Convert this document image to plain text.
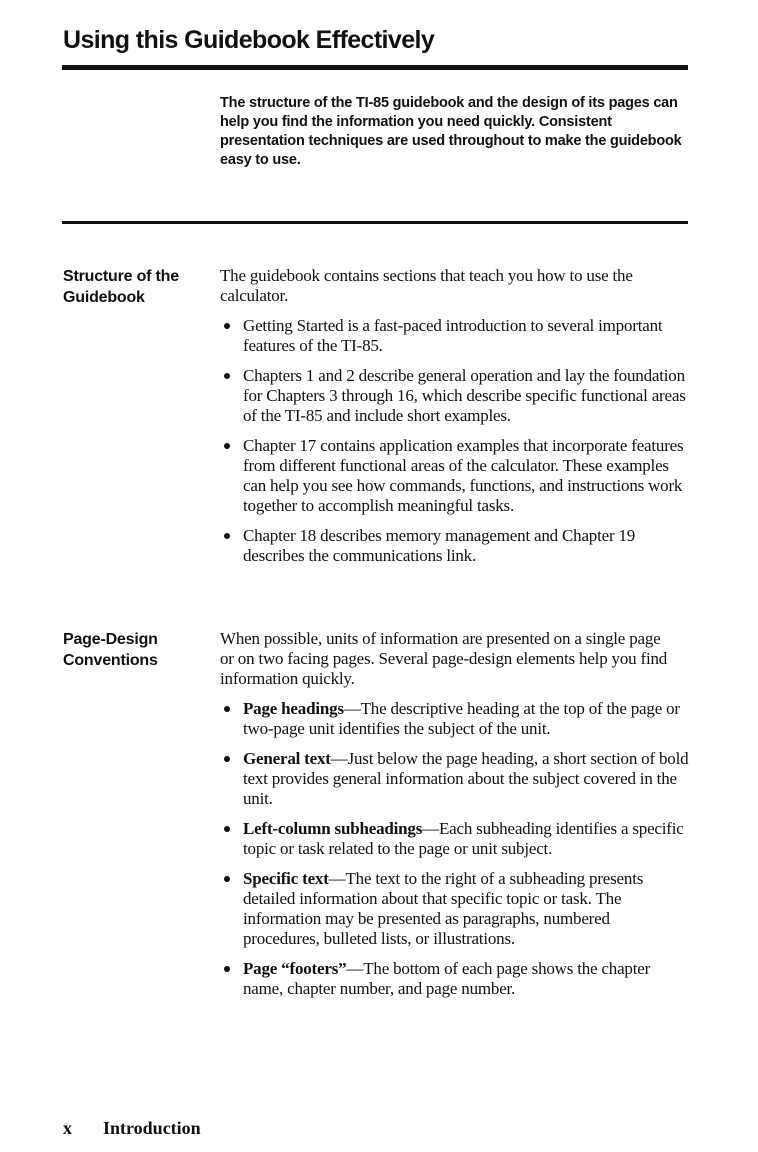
Using this Guidebook Effectively

The structure of the TI-85 guidebook and the design of its pages can help you find the information you need quickly. Consistent presentation techniques are used throughout to make the guidebook easy to use.

Structure of the Guidebook

The guidebook contains sections that teach you how to use the calculator.

Getting Started is a fast-paced introduction to several important features of the TI-85.
Chapters 1 and 2 describe general operation and lay the foundation for Chapters 3 through 16, which describe specific functional areas of the TI-85 and include short examples.
Chapter 17 contains application examples that incorporate features from different functional areas of the calculator. These examples can help you see how commands, functions, and instructions work together to accomplish meaningful tasks.
Chapter 18 describes memory management and Chapter 19 describes the communications link.
Page-Design Conventions

When possible, units of information are presented on a single page or on two facing pages. Several page-design elements help you find information quickly.

Page headings—The descriptive heading at the top of the page or two-page unit identifies the subject of the unit.
General text—Just below the page heading, a short section of bold text provides general information about the subject covered in the unit.
Left-column subheadings—Each subheading identifies a specific topic or task related to the page or unit subject.
Specific text—The text to the right of a subheading presents detailed information about that specific topic or task. The information may be presented as paragraphs, numbered procedures, bulleted lists, or illustrations.
Page “footers”—The bottom of each page shows the chapter name, chapter number, and page number.
x Introduction
